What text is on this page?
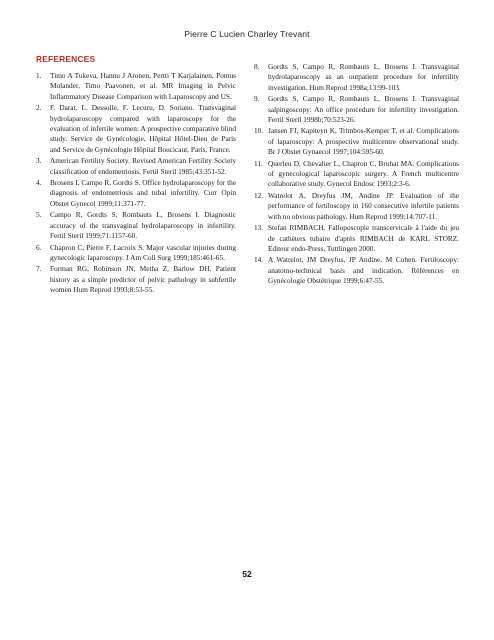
Pierre C Lucien Charley Trevant
REFERENCES
1.	Timo A Tukeva, Hannu J Aronen, Pertti T Karjalainen, Pontus Molander, Timo Paavonen, et al. MR Imaging in Pelvic Inflammatory Disease Comparison with Laparoscopy and US.
2.	F. Darai, L. Dessolle, F. Lecuru, D. Soriano. Transvaginal hydrolaparoscopy compared with laparoscopy for the evaluation of infertile women: A prospective comparative blind study. Service de Gynécologie, Hôpital Hôtel-Dieu de Paris and Service de Gynécologie Hôpital Boucicaut, Paris, France.
3.	American Fertility Society. Revised American Fertility Society classification of endometriosis. Fertil Steril 1985;43:351-52.
4.	Brosens I, Campo R, Gordts S. Office hydrolaparoscopy for the diagnosis of endometriosis and tubal infertility. Curr Opin Obstet Gynecol 1999;11:371-77.
5.	Campo R, Gordts S, Rombauts L, Brosens I. Diagnostic accuracy of the transvaginal hydrolaparoscopy in infertility. Fertil Steril 1999;71:1157-60.
6.	Chapron C, Pierre F, Lacroix S. Major vascular injuries during gynecologic laparoscopy. J Am Coll Surg 1999;185:461-65.
7.	Forman RG, Robinson JN, Metha Z, Barlow DH. Patient history as a simple predictor of pelvic pathology in subfertile women Hum Reprod 1993;8:53-55.
8.	Gordts S, Campo R, Rombauts L, Brosens I. Transvaginal hydrolaparoscopy as an outpatient procedure for infertility investigation. Hum Reprod 1998a;13:99-103.
9.	Gordts S, Campo R, Rombauts L, Brosens I. Transvaginal salpingoscopy: An office procedure for infertility investigation. Fertil Steril 1998b;70:523-26.
10. Jansen FJ, Kapiteyn K, Trimbos-Kemper T, et al. Complications of laparoscopy: A prospective multicentre observational study. Br J Obstet Gynaecol 1997;104:595-60.
11. Querleu D, Chevalier L, Chapron C, Bruhat MA. Complications of gynecological laparoscopic surgery. A French multicentre collaborative study. Gynecol Endosc 1993;2:3-6.
12. Watrelot A, Dreyfus JM, Andine JP. Evaluation of the performance of fertiloscopy in 160 consecutive infertile patients with no obvious pathology. Hum Reprod 1999;14:707-11.
13. Stefan RIMBACH. Falloposcopie transcervicale à l'aide du jeu de cathéters tubaire d'après RIMBACH de KARL STORZ. Editeur endo-Press, Tuttlingen 2000.
14. A Watrelot, JM Dreyfus, JP Andine, M Cohen. Fertiloscopy: anatomo-technical basis and indication. Références en Gynécologie Obstétrique 1999;6:47-55.
52
